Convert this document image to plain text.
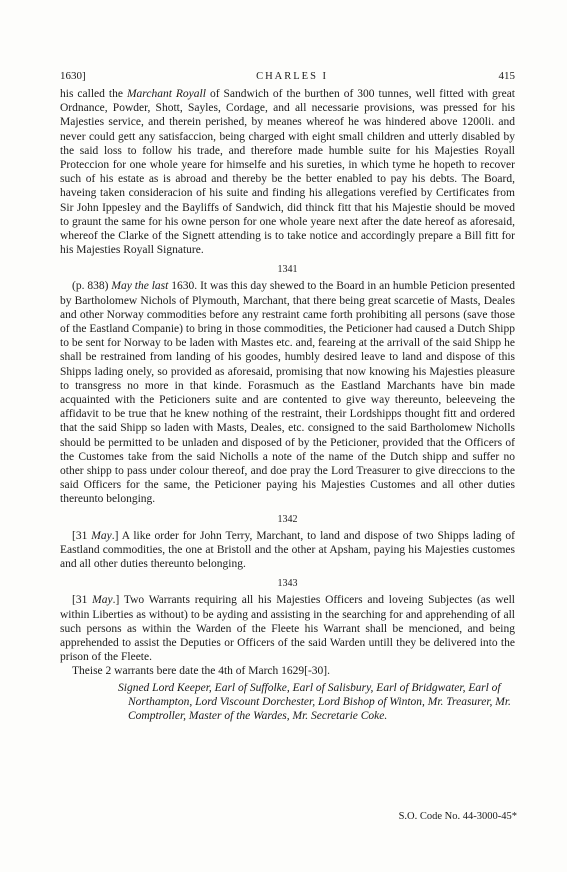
1630]	CHARLES I	415

his called the Marchant Royall of Sandwich of the burthen of 300 tunnes, well fitted with great Ordnance, Powder, Shott, Sayles, Cordage, and all necessarie provisions, was pressed for his Majesties service, and therein perished, by meanes whereof he was hindered above 1200li. and never could gett any satisfaccion, being charged with eight small children and utterly disabled by the said loss to follow his trade, and therefore made humble suite for his Majesties Royall Proteccion for one whole yeare for himselfe and his sureties, in which tyme he hopeth to recover such of his estate as is abroad and thereby be the better enabled to pay his debts. The Board, haveing taken consideracion of his suite and finding his allegations verefied by Certificates from Sir John Ippesley and the Bayliffs of Sandwich, did thinck fitt that his Majestie should be moved to graunt the same for his owne person for one whole yeare next after the date hereof as aforesaid, whereof the Clarke of the Signett attending is to take notice and accordingly prepare a Bill fitt for his Majesties Royall Signature.

1341

(p. 838) May the last 1630. It was this day shewed to the Board in an humble Peticion presented by Bartholomew Nichols of Plymouth, Marchant, that there being great scarcetie of Masts, Deales and other Norway commodities before any restraint came forth prohibiting all persons (save those of the Eastland Companie) to bring in those commodities, the Peticioner had caused a Dutch Shipp to be sent for Norway to be laden with Mastes etc. and, feareing at the arrivall of the said Shipp he shall be restrained from landing of his goodes, humbly desired leave to land and dispose of this Shipps lading onely, so provided as aforesaid, promising that now knowing his Majesties pleasure to transgress no more in that kinde. Forasmuch as the Eastland Marchants have bin made acquainted with the Peticioners suite and are contented to give way thereunto, beleeveing the affidavit to be true that he knew nothing of the restraint, their Lordshipps thought fitt and ordered that the said Shipp so laden with Masts, Deales, etc. consigned to the said Bartholomew Nicholls should be permitted to be unladen and disposed of by the Peticioner, provided that the Officers of the Customes take from the said Nicholls a note of the name of the Dutch shipp and suffer no other shipp to pass under colour thereof, and doe pray the Lord Treasurer to give direccions to the said Officers for the same, the Peticioner paying his Majesties Customes and all other duties thereunto belonging.

1342

[31 May.] A like order for John Terry, Marchant, to land and dispose of two Shipps lading of Eastland commodities, the one at Bristoll and the other at Apsham, paying his Majesties customes and all other duties thereunto belonging.

1343

[31 May.] Two Warrants requiring all his Majesties Officers and loveing Subjectes (as well within Liberties as without) to be ayding and assisting in the searching for and apprehending of all such persons as within the Warden of the Fleete his Warrant shall be mencioned, and being apprehended to assist the Deputies or Officers of the said Warden untill they be delivered into the prison of the Fleete.

Theise 2 warrants bere date the 4th of March 1629[-30].

Signed Lord Keeper, Earl of Suffolke, Earl of Salisbury, Earl of Bridgwater, Earl of Northampton, Lord Viscount Dorchester, Lord Bishop of Winton, Mr. Treasurer, Mr. Comptroller, Master of the Wardes, Mr. Secretarie Coke.
S.O. Code No. 44-3000-45*
